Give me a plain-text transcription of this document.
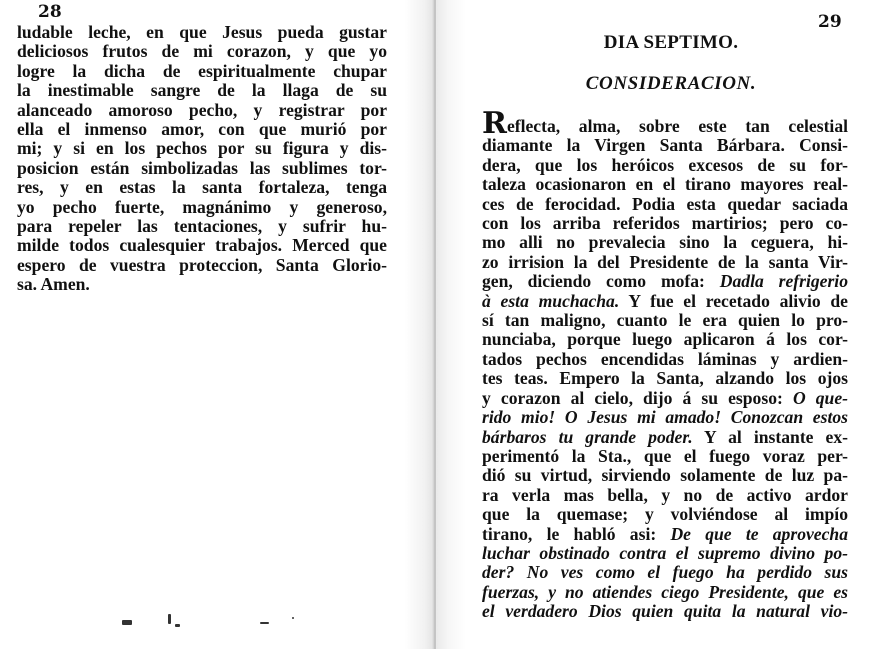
28
ludable leche, en que Jesus pueda gustar
deliciosos frutos de mi corazon, y que yo
logre la dicha de espiritualmente chupar
la inestimable sangre de la llaga de su
alanceado amoroso pecho, y registrar por
ella el inmenso amor, con que murió por
mi; y si en los pechos por su figura y dis-
posicion están simbolizadas las sublimes tor-
res, y en estas la santa fortaleza, tenga
yo pecho fuerte, magnánimo y generoso,
para repeler las tentaciones, y sufrir hu-
milde todos cualesquier trabajos. Merced que
espero de vuestra proteccion, Santa Glorio-
sa. Amen.
29
DIA SEPTIMO.
CONSIDERACION.
Reflecta, alma, sobre este tan celestial
diamante la Virgen Santa Bárbara. Consi-
dera, que los heróicos excesos de su for-
taleza ocasionaron en el tirano mayores real-
ces de ferocidad. Podia esta quedar saciada
con los arriba referidos martirios; pero co-
mo alli no prevalecia sino la ceguera, hi-
zo irrision la del Presidente de la santa Vir-
gen, diciendo como mofa: Dadla refrigerio
à esta muchacha. Y fue el recetado alivio de
sí tan maligno, cuanto le era quien lo pro-
nunciaba, porque luego aplicaron á los cor-
tados pechos encendidas láminas y ardien-
tes teas. Empero la Santa, alzando los ojos
y corazon al cielo, dijo á su esposo: O que-
rido mio! O Jesus mi amado! Conozcan estos
bárbaros tu grande poder. Y al instante ex-
perimentó la Sta., que el fuego voraz per-
dió su virtud, sirviendo solamente de luz pa-
ra verla mas bella, y no de activo ardor
que la quemase; y volviéndose al impío
tirano, le habló asi: De que te aprovecha
luchar obstinado contra el supremo divino po-
der? No ves como el fuego ha perdido sus
fuerzas, y no atiendes ciego Presidente, que es
el verdadero Dios quien quita la natural vio-
